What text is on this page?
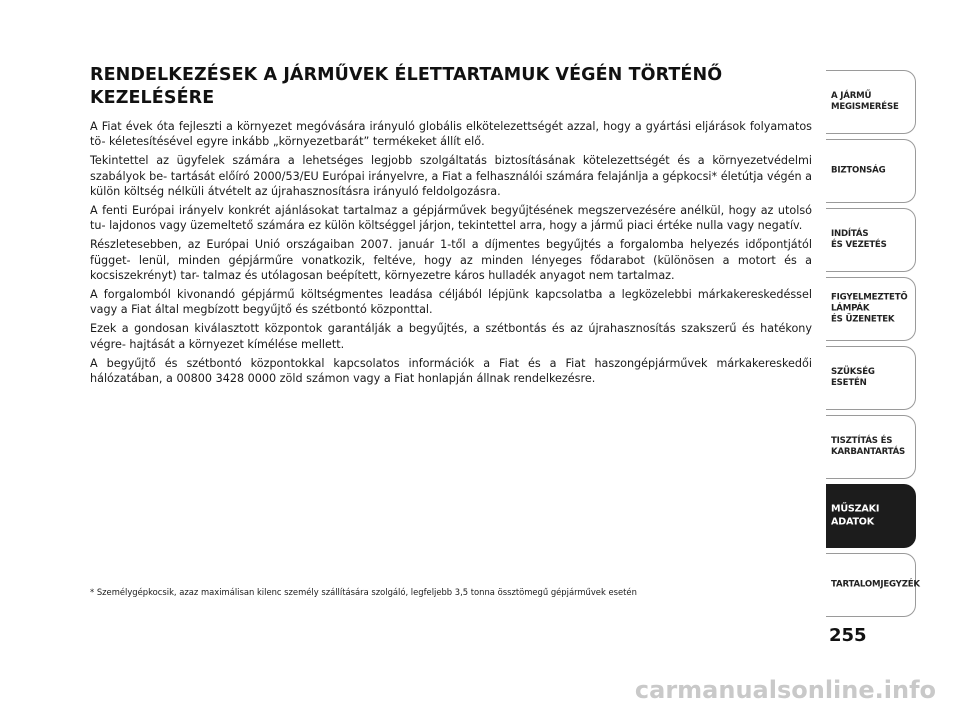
RENDELKEZÉSEK A JÁRMŰVEK ÉLETTARTAMUK VÉGÉN TÖRTÉNŐ KEZELÉSÉRE

A Fiat évek óta fejleszti a környezet megóvására irányuló globális elkötelezettségét azzal, hogy a gyártási eljárások folyamatos tö- kéletesítésével egyre inkább „környezetbarát” termékeket állít elő.

Tekintettel az ügyfelek számára a lehetséges legjobb szolgáltatás biztosításának kötelezettségét és a környezetvédelmi szabályok be- tartását előíró 2000/53/EU Európai irányelvre, a Fiat a felhasználói számára felajánlja a gépkocsi* életútja végén a külön költség nélküli átvételt az újrahasznosításra irányuló feldolgozásra.

A fenti Európai irányelv konkrét ajánlásokat tartalmaz a gépjárművek begyűjtésének megszervezésére anélkül, hogy az utolsó tu- lajdonos vagy üzemeltető számára ez külön költséggel járjon, tekintettel arra, hogy a jármű piaci értéke nulla vagy negatív.

Részletesebben, az Európai Unió országaiban 2007. január 1-től a díjmentes begyűjtés a forgalomba helyezés időpontjától függet- lenül, minden gépjárműre vonatkozik, feltéve, hogy az minden lényeges fődarabot (különösen a motort és a kocsiszekrényt) tar- talmaz és utólagosan beépített, környezetre káros hulladék anyagot nem tartalmaz.

A forgalomból kivonandó gépjármű költségmentes leadása céljából lépjünk kapcsolatba a legközelebbi márkakereskedéssel vagy a Fiat által megbízott begyűjtő és szétbontó központtal.

Ezek a gondosan kiválasztott központok garantálják a begyűjtés, a szétbontás és az újrahasznosítás szakszerű és hatékony végre- hajtását a környezet kímélése mellett.

A begyűjtő és szétbontó központokkal kapcsolatos információk a Fiat és a Fiat haszongépjárművek márkakereskedői hálózatában, a 00800 3428 0000 zöld számon vagy a Fiat honlapján állnak rendelkezésre.

* Személygépkocsik, azaz maximálisan kilenc személy szállítására szolgáló, legfeljebb 3,5 tonna össztömegű gépjárművek esetén
A JÁRMŰ
MEGISMERÉSE
BIZTONSÁG
INDÍTÁS
ÉS VEZETÉS
FIGYELMEZTETŐ
LÁMPÁK
ÉS ÜZENETEK
SZÜKSÉG
ESETÉN
TISZTÍTÁS ÉS
KARBANTARTÁS
MŰSZAKI
ADATOK
TARTALOMJEGYZÉK
255
carmanualsonline.info
